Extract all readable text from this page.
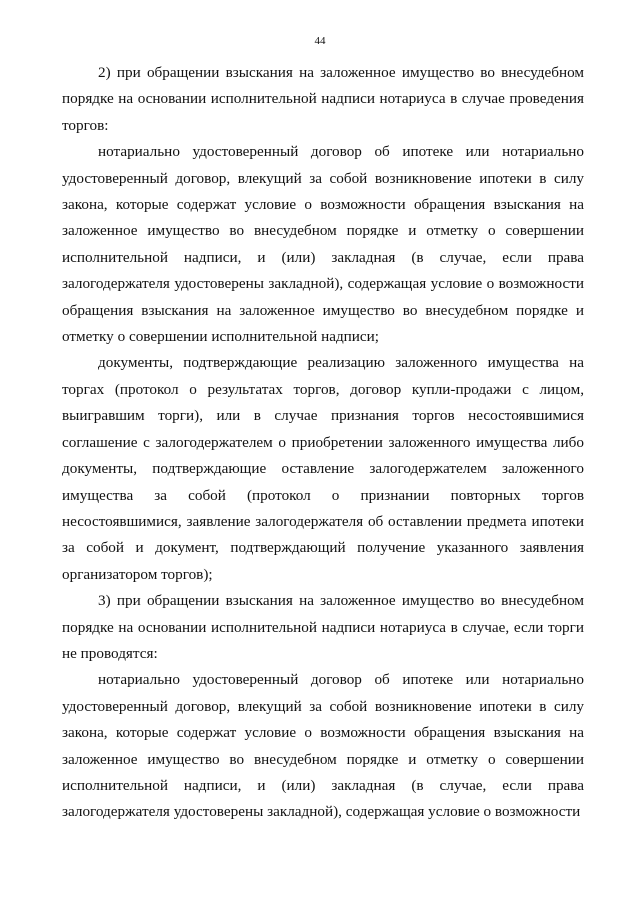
44

2) при обращении взыскания на заложенное имущество во внесудебном порядке на основании исполнительной надписи нотариуса в случае проведения торгов:

нотариально удостоверенный договор об ипотеке или нотариально удостоверенный договор, влекущий за собой возникновение ипотеки в силу закона, которые содержат условие о возможности обращения взыскания на заложенное имущество во внесудебном порядке и отметку о совершении исполнительной надписи, и (или) закладная (в случае, если права залогодержателя удостоверены закладной), содержащая условие о возможности обращения взыскания на заложенное имущество во внесудебном порядке и отметку о совершении исполнительной надписи;

документы, подтверждающие реализацию заложенного имущества на торгах (протокол о результатах торгов, договор купли-продажи с лицом, выигравшим торги), или в случае признания торгов несостоявшимися соглашение с залогодержателем о приобретении заложенного имущества либо документы, подтверждающие оставление залогодержателем заложенного имущества за собой (протокол о признании повторных торгов несостоявшимися, заявление залогодержателя об оставлении предмета ипотеки за собой и документ, подтверждающий получение указанного заявления организатором торгов);

3) при обращении взыскания на заложенное имущество во внесудебном порядке на основании исполнительной надписи нотариуса в случае, если торги не проводятся:

нотариально удостоверенный договор об ипотеке или нотариально удостоверенный договор, влекущий за собой возникновение ипотеки в силу закона, которые содержат условие о возможности обращения взыскания на заложенное имущество во внесудебном порядке и отметку о совершении исполнительной надписи, и (или) закладная (в случае, если права залогодержателя удостоверены закладной), содержащая условие о возможности
